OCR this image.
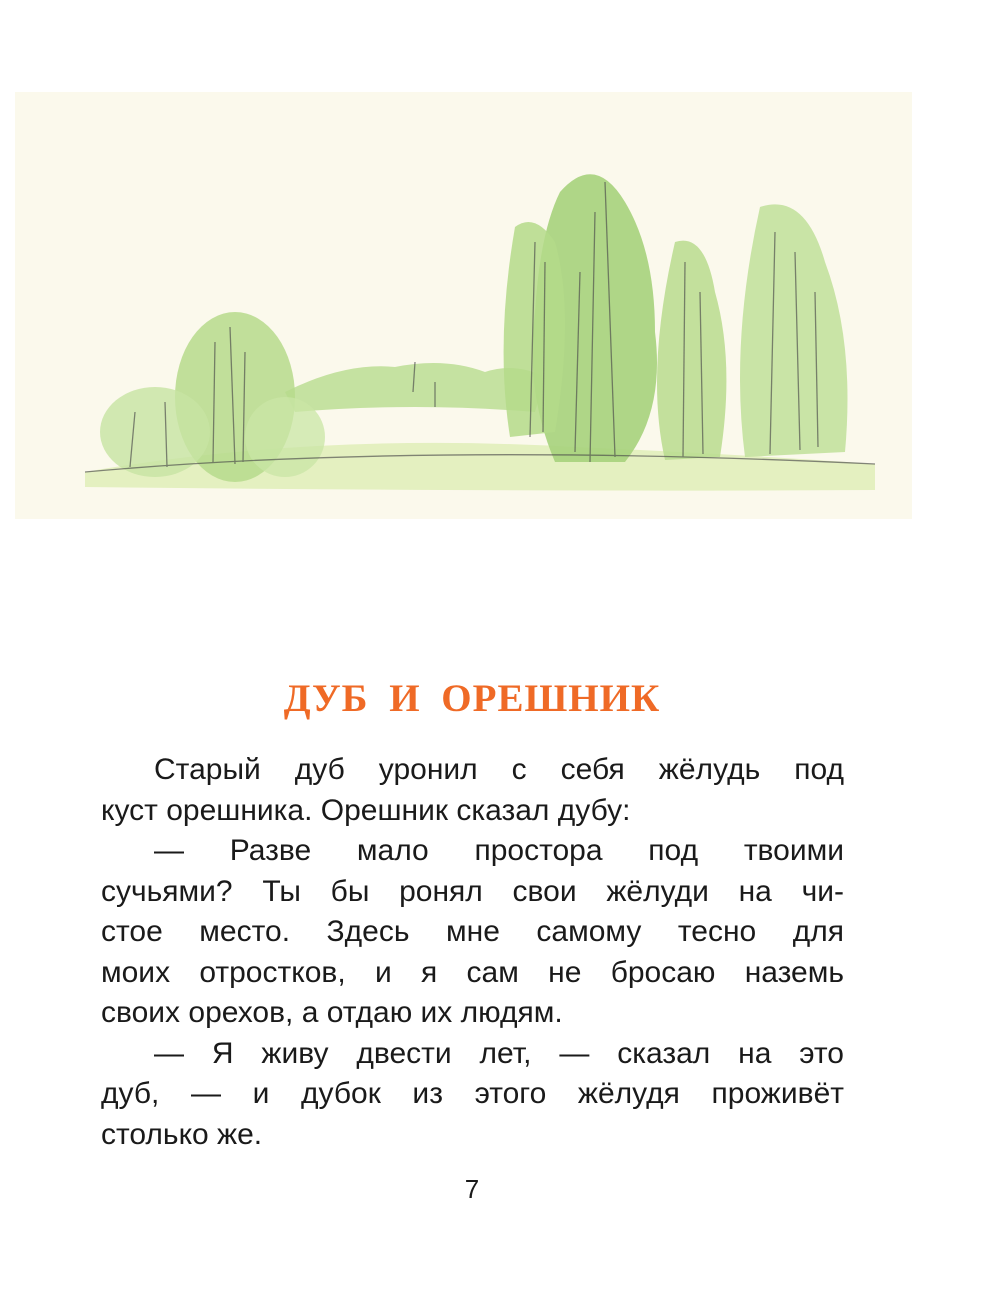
ДУБ И ОРЕШНИК
Старый дуб уронил с себя жёлудь под
куст орешника. Орешник сказал дубу:
— Разве мало простора под твоими
сучьями? Ты бы ронял свои жёлуди на чи-
стое место. Здесь мне самому тесно для
моих отростков, и я сам не бросаю наземь
своих орехов, а отдаю их людям.
— Я живу двести лет, — сказал на это
дуб, — и дубок из этого жёлудя проживёт
столько же.
7
